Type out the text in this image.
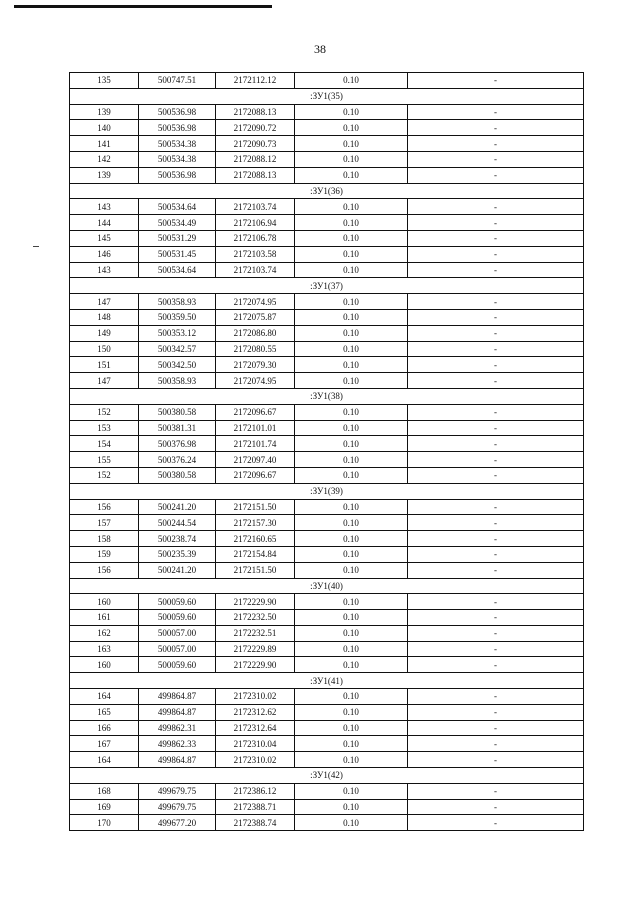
38
135	500747.51	2172112.12	0.10	-
:ЗУ1(35)				
139	500536.98	2172088.13	0.10	-
140	500536.98	2172090.72	0.10	-
141	500534.38	2172090.73	0.10	-
142	500534.38	2172088.12	0.10	-
139	500536.98	2172088.13	0.10	-
:ЗУ1(36)				
143	500534.64	2172103.74	0.10	-
144	500534.49	2172106.94	0.10	-
145	500531.29	2172106.78	0.10	-
146	500531.45	2172103.58	0.10	-
143	500534.64	2172103.74	0.10	-
:ЗУ1(37)				
147	500358.93	2172074.95	0.10	-
148	500359.50	2172075.87	0.10	-
149	500353.12	2172086.80	0.10	-
150	500342.57	2172080.55	0.10	-
151	500342.50	2172079.30	0.10	-
147	500358.93	2172074.95	0.10	-
:ЗУ1(38)				
152	500380.58	2172096.67	0.10	-
153	500381.31	2172101.01	0.10	-
154	500376.98	2172101.74	0.10	-
155	500376.24	2172097.40	0.10	-
152	500380.58	2172096.67	0.10	-
:ЗУ1(39)				
156	500241.20	2172151.50	0.10	-
157	500244.54	2172157.30	0.10	-
158	500238.74	2172160.65	0.10	-
159	500235.39	2172154.84	0.10	-
156	500241.20	2172151.50	0.10	-
:ЗУ1(40)				
160	500059.60	2172229.90	0.10	-
161	500059.60	2172232.50	0.10	-
162	500057.00	2172232.51	0.10	-
163	500057.00	2172229.89	0.10	-
160	500059.60	2172229.90	0.10	-
:ЗУ1(41)				
164	499864.87	2172310.02	0.10	-
165	499864.87	2172312.62	0.10	-
166	499862.31	2172312.64	0.10	-
167	499862.33	2172310.04	0.10	-
164	499864.87	2172310.02	0.10	-
:ЗУ1(42)				
168	499679.75	2172386.12	0.10	-
169	499679.75	2172388.71	0.10	-
170	499677.20	2172388.74	0.10	-
